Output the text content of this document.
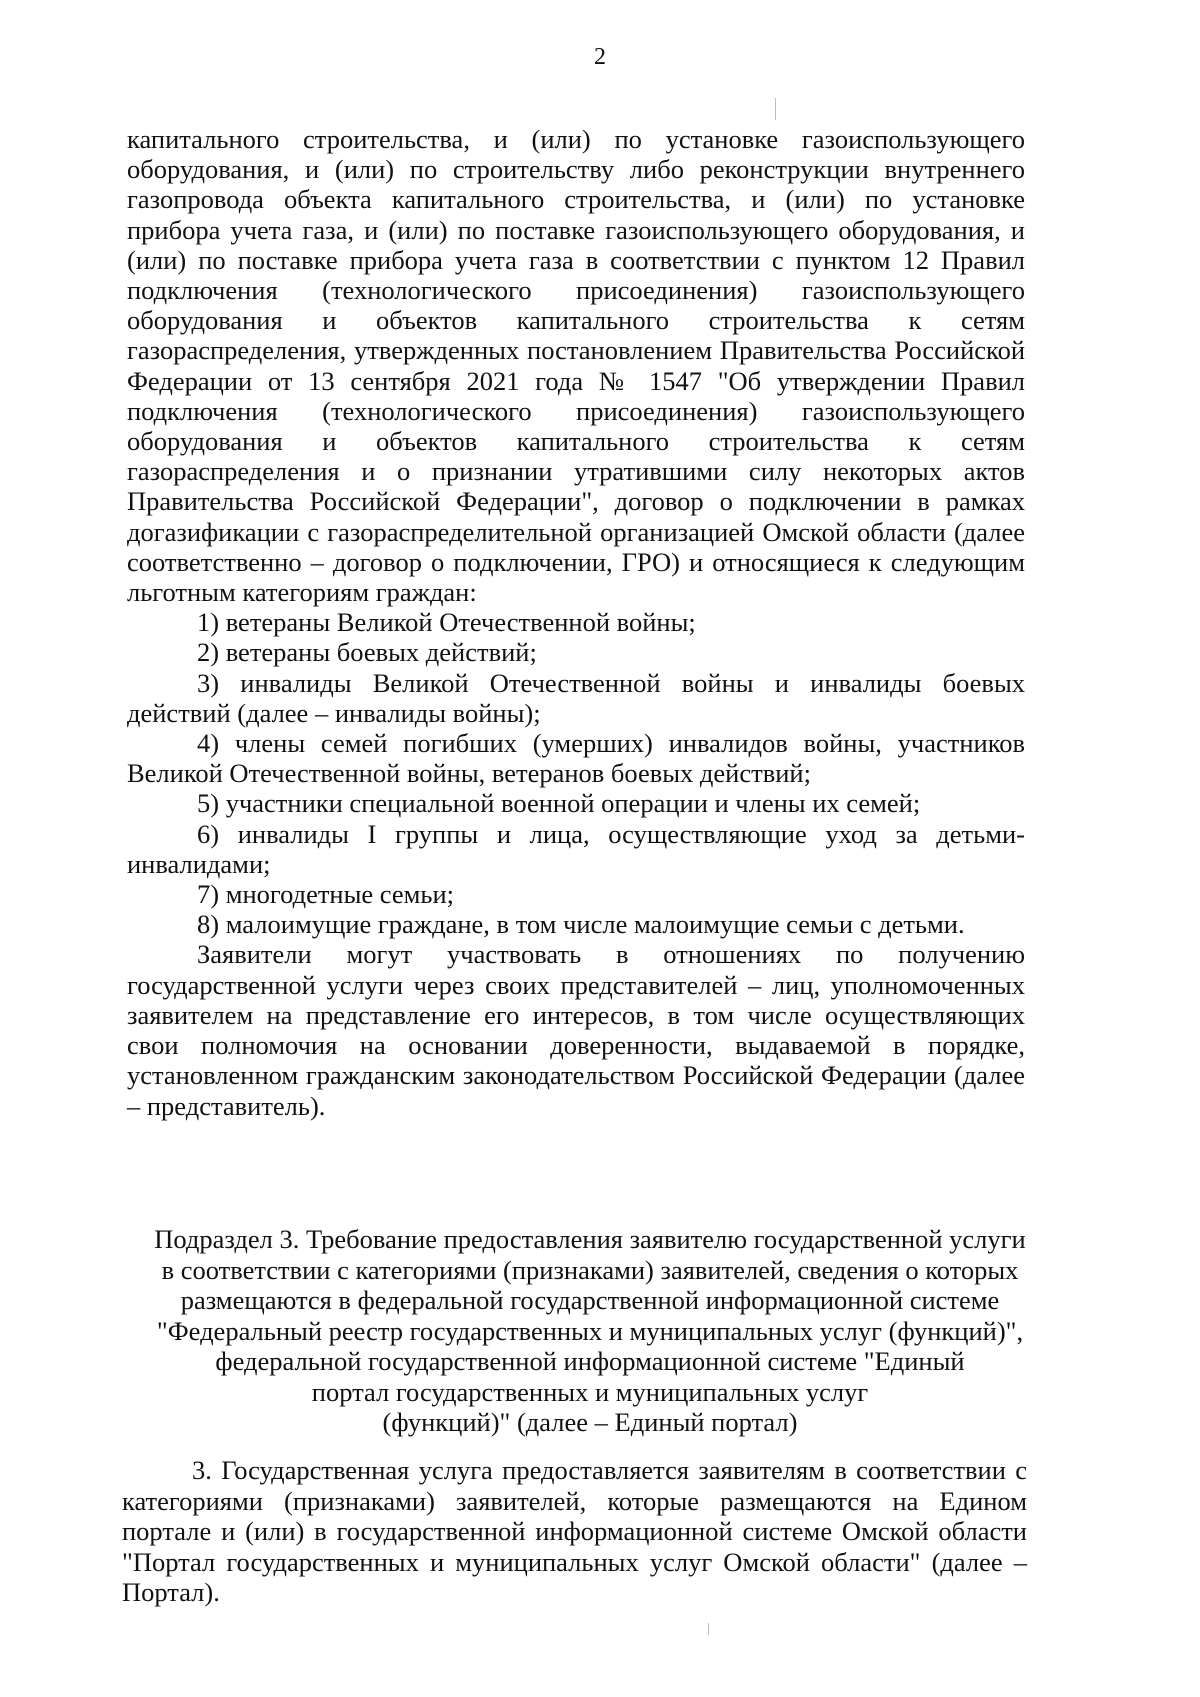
2

капитального строительства, и (или) по установке газоиспользующего оборудования, и (или) по строительству либо реконструкции внутреннего газопровода объекта капитального строительства, и (или) по установке прибора учета газа, и (или) по поставке газоиспользующего оборудования, и (или) по поставке прибора учета газа в соответствии с пунктом 12 Правил подключения (технологического присоединения) газоиспользующего оборудования и объектов капитального строительства к сетям газораспределения, утвержденных постановлением Правительства Российской Федерации от 13 сентября 2021 года № 1547 "Об утверждении Правил подключения (технологического присоединения) газоиспользующего оборудования и объектов капитального строительства к сетям газораспределения и о признании утратившими силу некоторых актов Правительства Российской Федерации", договор о подключении в рамках догазификации с газораспределительной организацией Омской области (далее соответственно – договор о подключении, ГРО) и относящиеся к следующим льготным категориям граждан:

1) ветераны Великой Отечественной войны;

2) ветераны боевых действий;

3) инвалиды Великой Отечественной войны и инвалиды боевых действий (далее – инвалиды войны);

4) члены семей погибших (умерших) инвалидов войны, участников Великой Отечественной войны, ветеранов боевых действий;

5) участники специальной военной операции и члены их семей;

6) инвалиды I группы и лица, осуществляющие уход за детьми-инвалидами;

7) многодетные семьи;

8) малоимущие граждане, в том числе малоимущие семьи с детьми.

Заявители могут участвовать в отношениях по получению государственной услуги через своих представителей – лиц, уполномоченных заявителем на представление его интересов, в том числе осуществляющих свои полномочия на основании доверенности, выдаваемой в порядке, установленном гражданским законодательством Российской Федерации (далее – представитель).

Подраздел 3. Требование предоставления заявителю государственной услуги

в соответствии с категориями (признаками) заявителей, сведения о которых

размещаются в федеральной государственной информационной системе

"Федеральный реестр государственных и муниципальных услуг (функций)",

федеральной государственной информационной системе "Единый

портал государственных и муниципальных услуг

(функций)" (далее – Единый портал)

3. Государственная услуга предоставляется заявителям в соответствии с категориями (признаками) заявителей, которые размещаются на Едином портале и (или) в государственной информационной системе Омской области "Портал государственных и муниципальных услуг Омской области" (далее – Портал).
